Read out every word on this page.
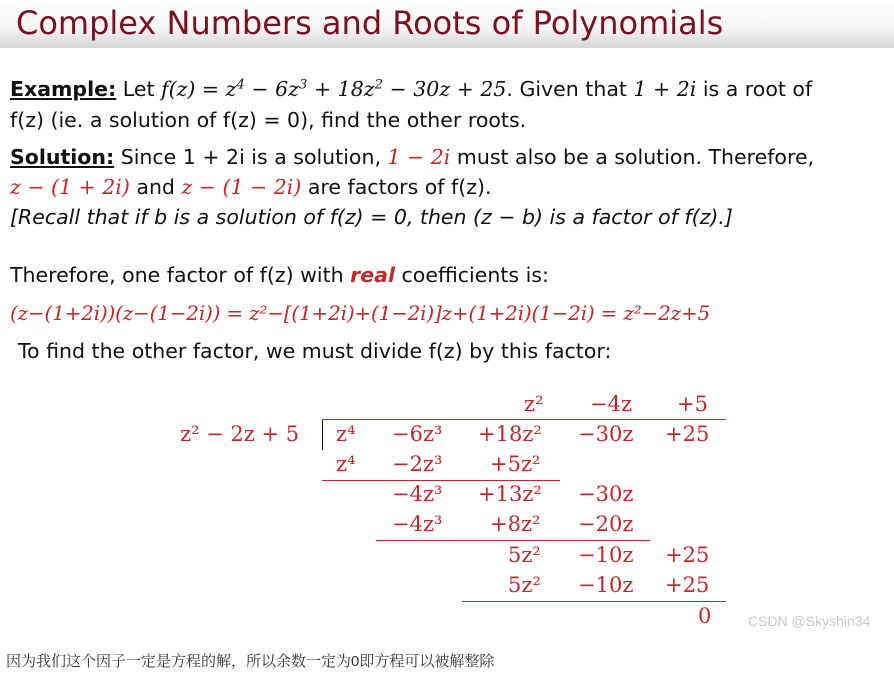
Complex Numbers and Roots of Polynomials
Example: Let $f(z) = z^4 - 6z^3 + 18z^2 - 30z + 25$. Given that 1 + 2i is a root of
f(z) (ie. a solution of f(z) = 0), find the other roots.
Solution: Since 1 + 2i is a solution, 1 − 2i must also be a solution. Therefore,
z − (1 + 2i) and z − (1 − 2i) are factors of f(z).
[Recall that if b is a solution of f(z) = 0, then (z − b) is a factor of f(z).]
Therefore, one factor of f(z) with real coefficients is:
(z−(1+2i))(z−(1−2i)) = z²−[(1+2i)+(1−2i)]z+(1+2i)(1−2i) = z²−2z+5
To find the other factor, we must divide f(z) by this factor:
z² −4z +5
z² − 2z + 5 z⁴ −6z³ +18z² −30z +25
z⁴ −2z³ +5z²
−4z³ +13z² −30z
−4z³ +8z² −20z
5z² −10z +25
5z² −10z +25
0	CSDN @Skyshin34
因为我们这个因子一定是方程的解，所以余数一定为0即方程可以被解整除
